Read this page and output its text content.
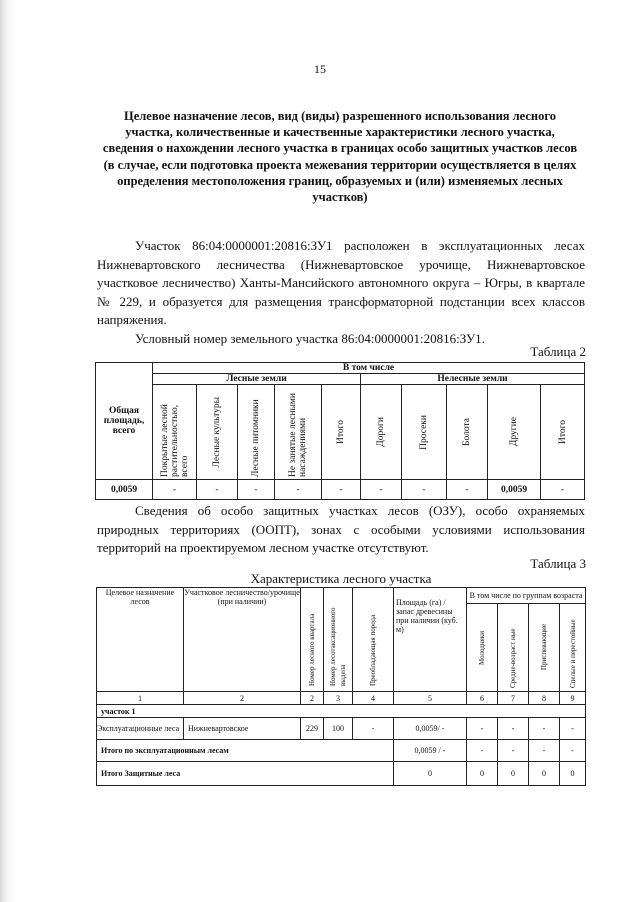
15
Целевое назначение лесов, вид (виды) разрешенного использования лесного участка, количественные и качественные характеристики лесного участка, сведения о нахождении лесного участка в границах особо защитных участков лесов (в случае, если подготовка проекта межевания территории осуществляется в целях определения местоположения границ, образуемых и (или) изменяемых лесных участков)
Участок 86:04:0000001:20816:ЗУ1 расположен в эксплуатационных лесах Нижневартовского лесничества (Нижневартовское урочище, Нижневартовское участковое лесничество) Ханты-Мансийского автономного округа – Югры, в квартале № 229, и образуется для размещения трансформаторной подстанции всех классов напряжения.
Условный номер земельного участка 86:04:0000001:20816:ЗУ1.
Таблица 2
Общая площадь, всего	В том числе									
	Лесные земли					Нелесные земли				

	Покрытые лесной растительностью, всего	Лесные культуры	Лесные питомники	Не занятые лесными насаждениями	Итого	Дороги	Просеки	Болота	Другие	Итого

0,0059	-	-	-	-	-	-	-	-	0,0059	-
Сведения об особо защитных участках лесов (ОЗУ), особо охраняемых природных территориях (ООПТ), зонах с особыми условиями использования территорий на проектируемом лесном участке отсутствуют.
Таблица 3
Характеристика лесного участка
Целевое назначение лесов	Участковое лесничество/урочище (при наличии)	Номер лесного квартала	Номер лесотаксационного выдела	Преобладающая порода	Площадь (га) / запас древесины при наличии (куб. м)	В том числе по группам возраста			

						Молодняки	Средне-возраст ные	Приспевающие	Спелые и перестойные

1	2	2	3	4	5	6	7	8	9
участок 1									
Эксплуатационные леса	Нижневартовское	229	100	-	0,0059/ -	-	-	-	-
Итого по эксплуатационным лесам					0,0059 / -	-	-	-	-
Итого Защитные леса					0	0	0	0	0
